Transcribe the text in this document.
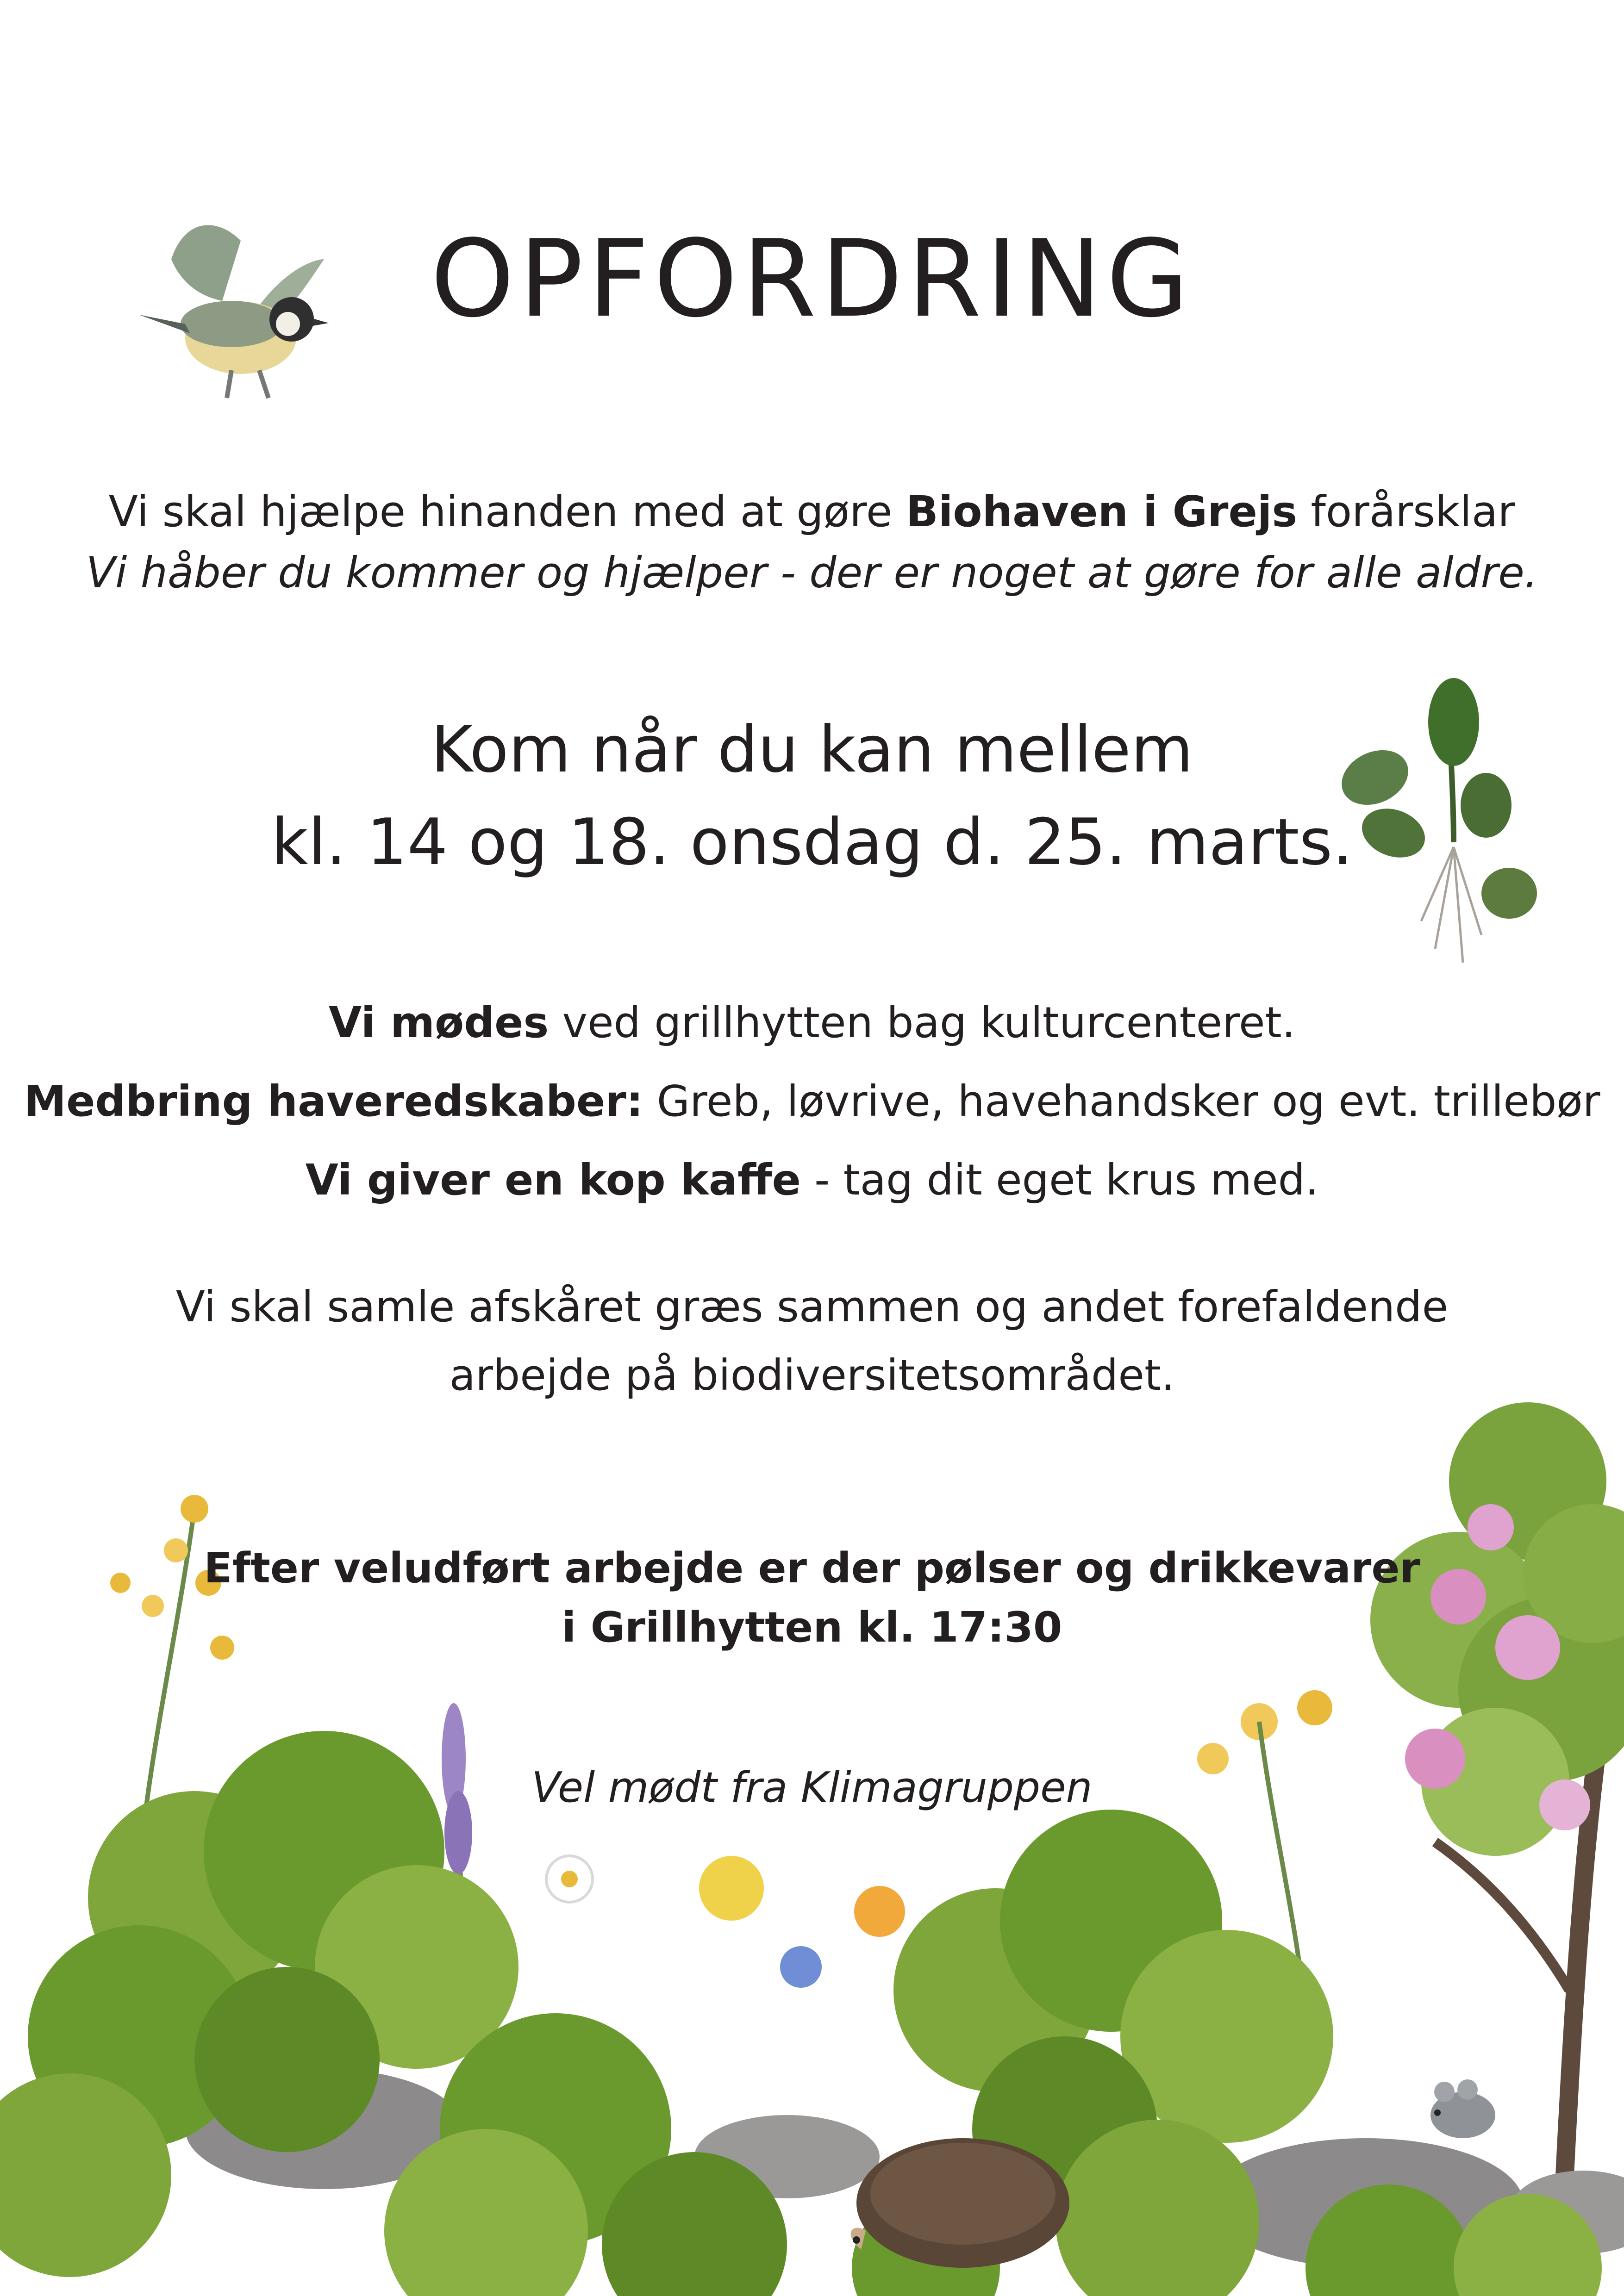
OPFORDRING
Vi skal hjælpe hinanden med at gøre Biohaven i Grejs forårsklar
Vi håber du kommer og hjælper - der er noget at gøre for alle aldre.
Kom når du kan mellem
kl. 14 og 18. onsdag d. 25. marts.
Vi mødes ved grillhytten bag kulturcenteret.
Medbring haveredskaber: Greb, løvrive, havehandsker og evt. trillebør
Vi giver en kop kaffe - tag dit eget krus med.
Vi skal samle afskåret græs sammen og andet forefaldende
arbejde på biodiversitetsområdet.
Efter veludført arbejde er der pølser og drikkevarer
i Grillhytten kl. 17:30
Vel mødt fra Klimagruppen
